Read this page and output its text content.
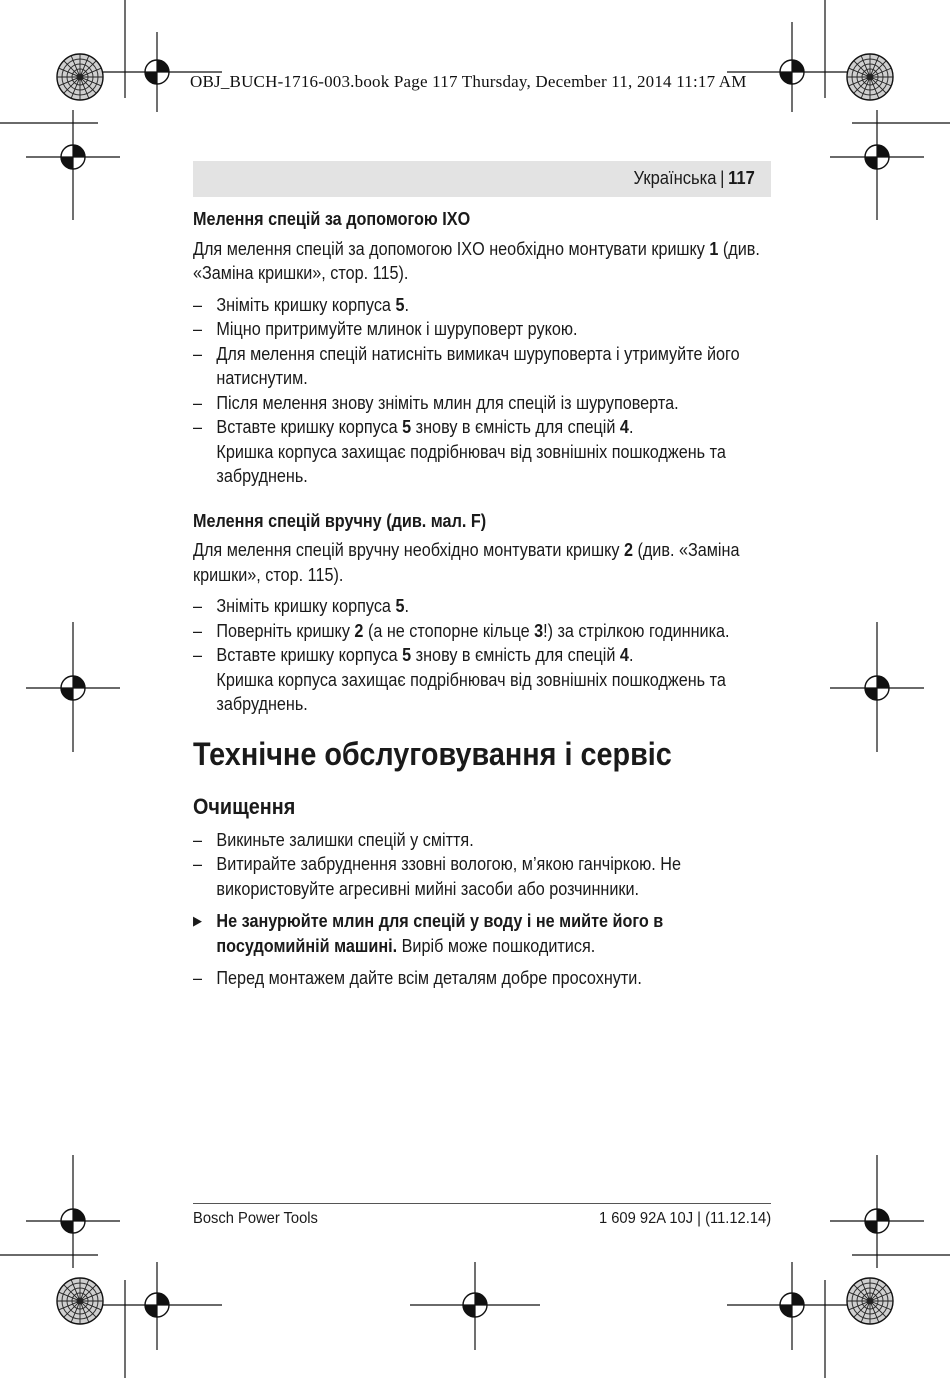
OBJ_BUCH-1716-003.book Page 117 Thursday, December 11, 2014 11:17 AM
Українська | 117

Мелення спецій за допомогою IXO

Для мелення спецій за допомогою IXO необхідно монтувати кришку 1 (див. «Заміна кришки», стор. 115).

– Зніміть кришку корпуса 5.
– Міцно притримуйте млинок і шуруповерт рукою.
– Для мелення спецій натисніть вимикач шуруповерта і утримуйте його натиснутим.
– Після мелення знову зніміть млин для спецій із шуруповерта.
– Вставте кришку корпуса 5 знову в ємність для спецій 4.
Кришка корпуса захищає подрібнювач від зовнішніх пошкоджень та забруднень.

Мелення спецій вручну (див. мал. F)

Для мелення спецій вручну необхідно монтувати кришку 2 (див. «Заміна кришки», стор. 115).

– Зніміть кришку корпуса 5.
– Поверніть кришку 2 (а не стопорне кільце 3!) за стрілкою годинника.
– Вставте кришку корпуса 5 знову в ємність для спецій 4.
Кришка корпуса захищає подрібнювач від зовнішніх пошкоджень та забруднень.

Технічне обслуговування і сервіс

Очищення

– Викиньте залишки спецій у сміття.
– Витирайте забруднення ззовні вологою, м’якою ганчіркою. Не використовуйте агресивні мийні засоби або розчинники.
▶ Не занурюйте млин для спецій у воду і не мийте його в посудомийній машині. Виріб може пошкодитися.
– Перед монтажем дайте всім деталям добре просохнути.
Bosch Power Tools	1 609 92A 10J | (11.12.14)
